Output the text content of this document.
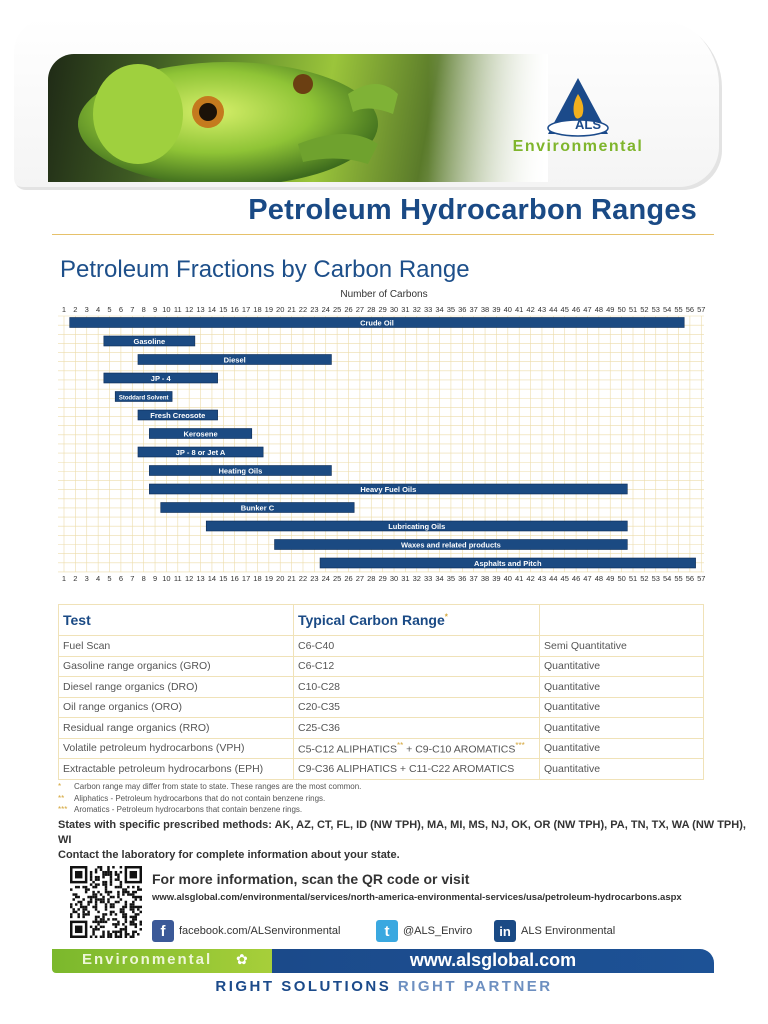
ALS
Environmental
Petroleum Hydrocarbon Ranges
Petroleum Fractions by Carbon Range
Number of Carbons
1
1
2
2
3
3
4
4
5
5
6
6
7
7
8
8
9
9
10
10
11
11
12
12
13
13
14
14
15
15
16
16
17
17
18
18
19
19
20
20
21
21
22
22
23
23
24
24
25
25
26
26
27
27
28
28
29
29
30
30
31
31
32
32
33
33
34
34
35
35
36
36
37
37
38
38
39
39
40
40
41
41
42
42
43
43
44
44
45
45
46
46
47
47
48
48
49
49
50
50
51
51
52
52
53
53
54
54
55
55
56
56
57
57
Crude Oil
Gasoline
Diesel
JP - 4
Stoddard Solvent
Fresh Creosote
Kerosene
JP - 8 or Jet A
Heating Oils
Heavy Fuel Oils
Bunker C
Lubricating Oils
Waxes and related products
Asphalts and Pitch
Test	Typical Carbon Range*	
Fuel Scan	C6-C40	Semi Quantitative
Gasoline range organics (GRO)	C6-C12	Quantitative
Diesel range organics (DRO)	C10-C28	Quantitative
Oil range organics (ORO)	C20-C35	Quantitative
Residual range organics (RRO)	C25-C36	Quantitative
Volatile petroleum hydrocarbons (VPH)	C5-C12 ALIPHATICS** + C9-C10 AROMATICS***	Quantitative
Extractable petroleum hydrocarbons (EPH)	C9-C36 ALIPHATICS + C11-C22 AROMATICS	Quantitative
* Carbon range may differ from state to state. These ranges are the most common.
** Aliphatics - Petroleum hydrocarbons that do not contain benzene rings.
*** Aromatics - Petroleum hydrocarbons that contain benzene rings.
States with specific prescribed methods: AK, AZ, CT, FL, ID (NW TPH), MA, MI, MS, NJ, OK, OR (NW TPH), PA, TN, TX, WA (NW TPH), WI
Contact the laboratory for complete information about your state.
For more information, scan the QR code or visit
www.alsglobal.com/environmental/services/north-america-environmental-services/usa/petroleum-hydrocarbons.aspx
f	facebook.com/ALSenvironmental	t	@ALS_Enviro	in ALS Environmental
Environmental ✿	www.alsglobal.com
RIGHT SOLUTIONS RIGHT PARTNER
